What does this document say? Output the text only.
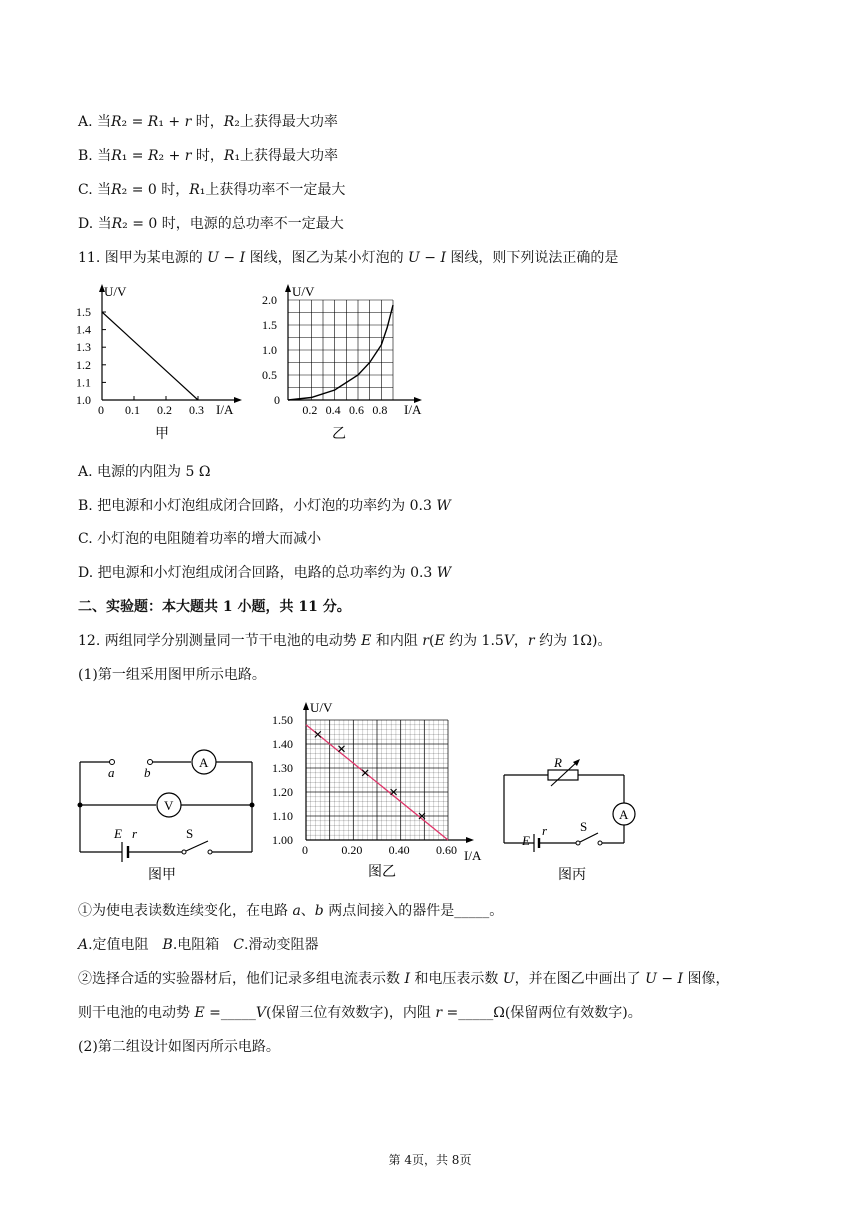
A. 当𝑅₂ = 𝑅₁ + 𝑟 时，𝑅₂上获得最大功率
B. 当𝑅₁ = 𝑅₂ + 𝑟 时，𝑅₁上获得最大功率
C. 当𝑅₂ = 0 时，𝑅₁上获得功率不一定最大
D. 当𝑅₂ = 0 时，电源的总功率不一定最大
11. 图甲为某电源的 𝑈 − 𝐼 图线，图乙为某小灯泡的 𝑈 − 𝐼 图线，则下列说法正确的是
U/V
I/A
1.0
1.1
1.2
1.3
1.4
1.5
0 0.1 0.2 0.3
甲
U/V
I/A
0
0.5
1.0
1.5
2.0
0.2 0.4 0.6 0.8
乙
A. 电源的内阻为 5 Ω
B. 把电源和小灯泡组成闭合回路，小灯泡的功率约为 0.3 𝑊
C. 小灯泡的电阻随着功率的增大而减小
D. 把电源和小灯泡组成闭合回路，电路的总功率约为 0.3 𝑊
二、实验题：本大题共 1 小题，共 11 分。
12. 两组同学分别测量同一节干电池的电动势 𝐸 和内阻 𝑟(𝐸 约为 1.5𝑉，𝑟 约为 1Ω)。
(1)第一组采用图甲所示电路。
A
a b
V
E r	S
图甲
U/V
I/A
1.00
1.10
1.20
1.30
1.40
1.50
0	0.20 0.40 0.60
图乙
R
A
E
r	S
图丙
①为使电表读数连续变化，在电路 𝑎、𝑏 两点间接入的器件是_____。
𝐴.定值电阻　𝐵.电阻箱　𝐶.滑动变阻器
②选择合适的实验器材后，他们记录多组电流表示数 𝐼 和电压表示数 𝑈，并在图乙中画出了 𝑈 − 𝐼 图像，
则干电池的电动势 𝐸 =_____𝑉(保留三位有效数字)，内阻 𝑟 =_____Ω(保留两位有效数字)。
(2)第二组设计如图丙所示电路。
第 4页，共 8页
